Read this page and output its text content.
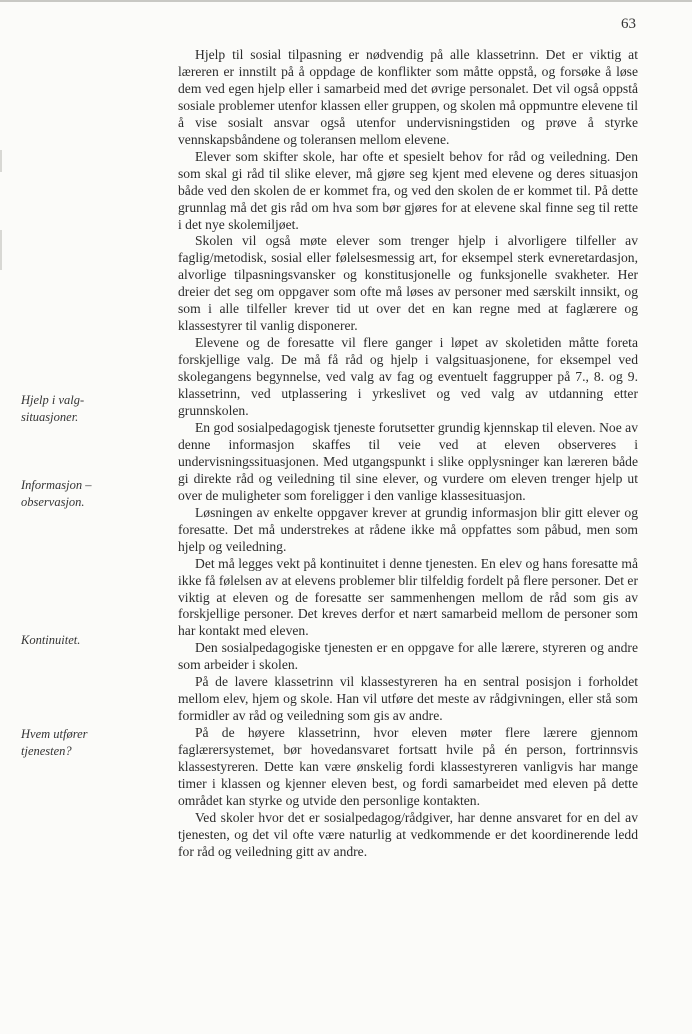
63
Hjelp i valg-
situasjoner.
Informasjon –
observasjon.
Kontinuitet.
Hvem utfører
tjenesten?

Hjelp til sosial tilpasning er nødvendig på alle klassetrinn. Det er viktig at læreren er innstilt på å oppdage de konflikter som måtte oppstå, og forsøke å løse dem ved egen hjelp eller i samarbeid med det øvrige personalet. Det vil også oppstå sosiale problemer utenfor klassen eller gruppen, og skolen må oppmuntre elevene til å vise sosialt ansvar også utenfor undervisningstiden og prøve å styrke vennskapsbåndene og toleransen mellom elevene.

Elever som skifter skole, har ofte et spesielt behov for råd og veiledning. Den som skal gi råd til slike elever, må gjøre seg kjent med elevene og deres situasjon både ved den skolen de er kommet fra, og ved den skolen de er kommet til. På dette grunnlag må det gis råd om hva som bør gjøres for at elevene skal finne seg til rette i det nye skolemiljøet.

Skolen vil også møte elever som trenger hjelp i alvorligere tilfeller av faglig/metodisk, sosial eller følelsesmessig art, for eksempel sterk evneretardasjon, alvorlige tilpasningsvansker og konstitusjonelle og funksjonelle svakheter. Her dreier det seg om oppgaver som ofte må løses av personer med særskilt innsikt, og som i alle tilfeller krever tid ut over det en kan regne med at faglærere og klassestyrer til vanlig disponerer.

Elevene og de foresatte vil flere ganger i løpet av skoletiden måtte foreta forskjellige valg. De må få råd og hjelp i valgsituasjonene, for eksempel ved skolegangens begynnelse, ved valg av fag og eventuelt faggrupper på 7., 8. og 9. klassetrinn, ved utplassering i yrkeslivet og ved valg av utdanning etter grunnskolen.

En god sosialpedagogisk tjeneste forutsetter grundig kjennskap til eleven. Noe av denne informasjon skaffes til veie ved at eleven observeres i undervisningssituasjonen. Med utgangspunkt i slike opplysninger kan læreren både gi direkte råd og veiledning til sine elever, og vurdere om eleven trenger hjelp ut over de muligheter som foreligger i den vanlige klassesituasjon.

Løsningen av enkelte oppgaver krever at grundig informasjon blir gitt elever og foresatte. Det må understrekes at rådene ikke må oppfattes som påbud, men som hjelp og veiledning.

Det må legges vekt på kontinuitet i denne tjenesten. En elev og hans foresatte må ikke få følelsen av at elevens problemer blir tilfeldig fordelt på flere personer. Det er viktig at eleven og de foresatte ser sammenhengen mellom de råd som gis av forskjellige personer. Det kreves derfor et nært samarbeid mellom de personer som har kontakt med eleven.

Den sosialpedagogiske tjenesten er en oppgave for alle lærere, styreren og andre som arbeider i skolen.

På de lavere klassetrinn vil klassestyreren ha en sentral posisjon i forholdet mellom elev, hjem og skole. Han vil utføre det meste av rådgivningen, eller stå som formidler av råd og veiledning som gis av andre.

På de høyere klassetrinn, hvor eleven møter flere lærere gjennom faglærersystemet, bør hovedansvaret fortsatt hvile på én person, fortrinnsvis klassestyreren. Dette kan være ønskelig fordi klassestyreren vanligvis har mange timer i klassen og kjenner eleven best, og fordi samarbeidet med eleven på dette området kan styrke og utvide den personlige kontakten.

Ved skoler hvor det er sosialpedagog/rådgiver, har denne ansvaret for en del av tjenesten, og det vil ofte være naturlig at vedkommende er det koordinerende ledd for råd og veiledning gitt av andre.
